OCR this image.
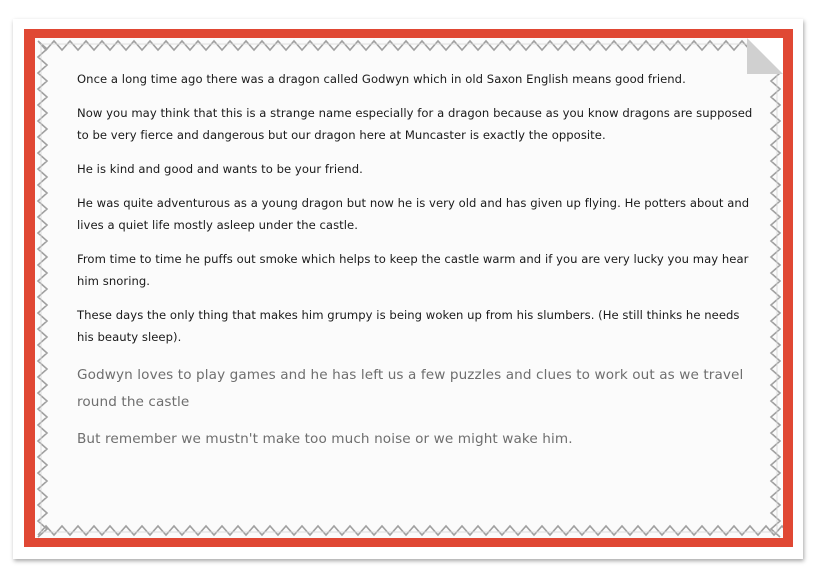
Once a long time ago there was a dragon called Godwyn which in old Saxon English means good friend.

Now you may think that this is a strange name especially for a dragon because as you know dragons are supposed to be very fierce and dangerous but our dragon here at Muncaster is exactly the opposite.

He is kind and good and wants to be your friend.

He was quite adventurous as a young dragon but now he is very old and has given up flying. He potters about and lives a quiet life mostly asleep under the castle.

From time to time he puffs out smoke which helps to keep the castle warm and if you are very lucky you may hear him snoring.

These days the only thing that makes him grumpy is being woken up from his slumbers. (He still thinks he needs his beauty sleep).

Godwyn loves to play games and he has left us a few puzzles and clues to work out as we travel round the castle

But remember we mustn't make too much noise or we might wake him.
